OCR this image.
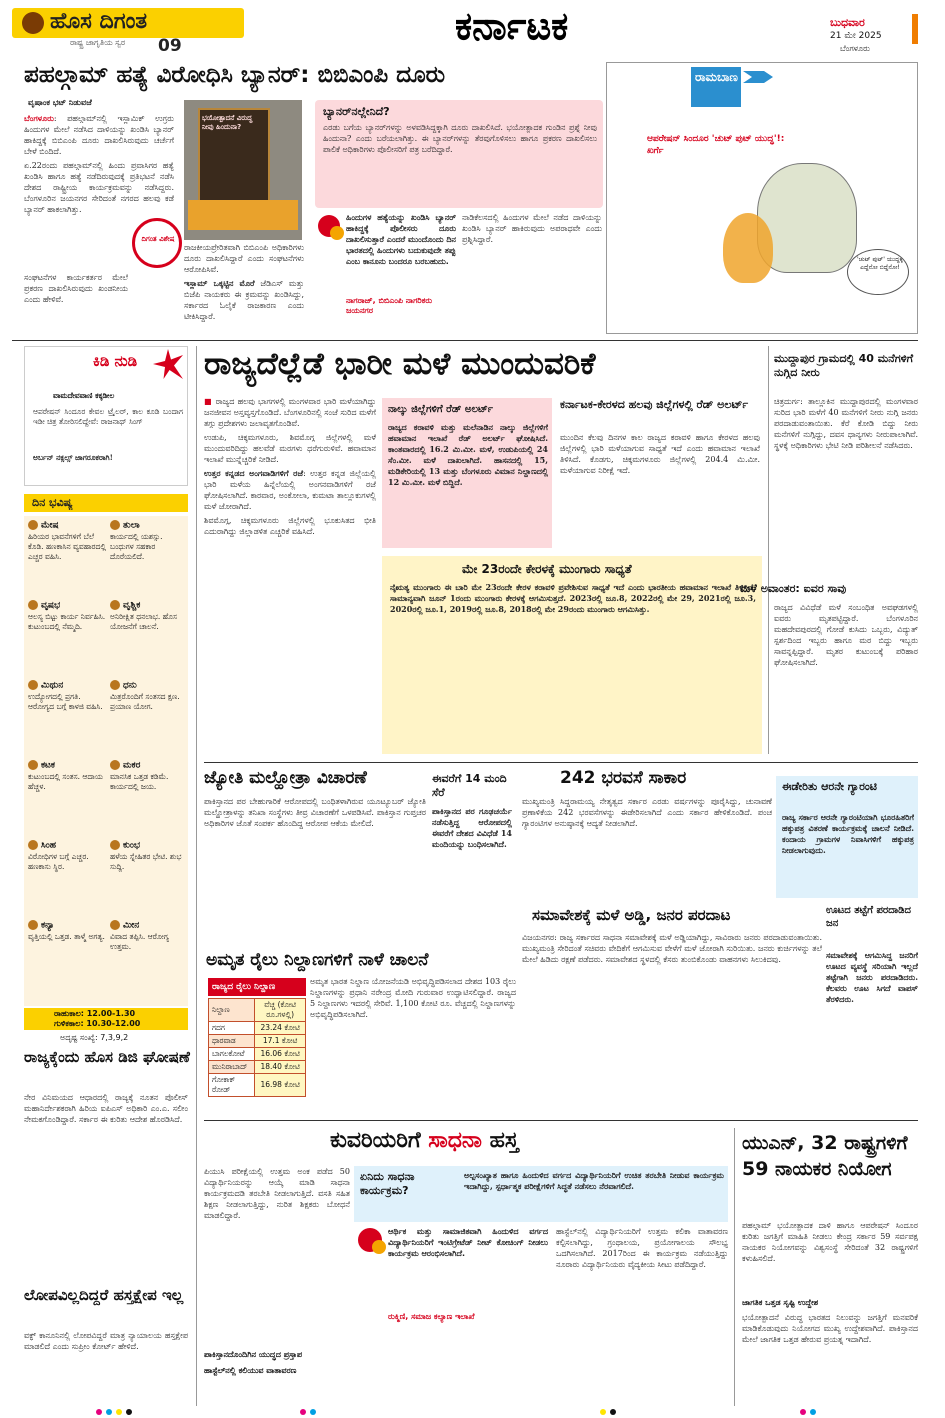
ಹೊಸ ದಿಗಂತ
ರಾಷ್ಟ್ರ ಜಾಗೃತಿಯ ಸ್ವರ	09	ಕರ್ನಾಟಕ	ಬುಧವಾರ
21 ಮೇ 2025
ಬೆಂಗಳೂರು
ಪಹಲ್ಗಾಮ್ ಹತ್ಯೆ ವಿರೋಧಿಸಿ ಬ್ಯಾನರ್: ಬಿಬಿಎಂಪಿ ದೂರು
ವೃಷಾಂಕ ಭಟ್ ನಿಡುವಜೆ

ಬೆಂಗಳೂರು: ಪಹಲ್ಗಾಮ್‌ನಲ್ಲಿ ಇಸ್ಲಾಮಿಕ್ ಉಗ್ರರು ಹಿಂದುಗಳ ಮೇಲೆ ನಡೆಸಿದ ದಾಳಿಯನ್ನು ಖಂಡಿಸಿ ಬ್ಯಾನರ್ ಹಾಕಿದ್ದಕ್ಕೆ ಬಿಬಿಎಂಪಿ ದೂರು ದಾಖಲಿಸಿರುವುದು ಚರ್ಚೆಗೆ ಬೇಳೆ ಬಿಂದಿದೆ.

ಏ.22ರಂದು ಪಹಲ್ಗಾಮ್‌ನಲ್ಲಿ ಹಿಂದು ಪ್ರವಾಸಿಗರ ಹತ್ಯೆ ಖಂಡಿಸಿ ಹಾಗೂ ಹತ್ಯೆ ನಡೆದಿರುವುದಕ್ಕೆ ಪ್ರತಿಭಟನೆ ನಡೆಸಿ ದೇಶದ ರಾಷ್ಟ್ರೀಯ ಕಾರ್ಯಕ್ರಮವನ್ನು ನಡೆಸಿದ್ದರು. ಬೆಂಗಳೂರಿನ ಜಯನಗರ ಸೇರಿದಂತೆ ನಗರದ ಹಲವು ಕಡೆ ಬ್ಯಾನರ್ ಹಾಕಲಾಗಿತ್ತು.

ಭಯೋತ್ಪಾದನೆ ವಿರುದ್ಧ ನೀವು ಹಿಂದುನಾ?
ದಿಗಂತ ವಿಶೇಷ

ರಾಜಕೀಯಪ್ರೇರಿತವಾಗಿ ಬಿಬಿಎಂಪಿ ಅಧಿಕಾರಿಗಳು ದೂರು ದಾಖಲಿಸಿದ್ದಾರೆ ಎಂದು ಸಂಘಟನೆಗಳು ಆರೋಪಿಸಿವೆ.

ಇಸ್ಲಾಮ್ ಒಕ್ಕಟ್ಟಿನ ಮೊರೆ ಜೆಡಿಎಸ್ ಮತ್ತು ಬಿಜೆಪಿ ನಾಯಕರು ಈ ಕ್ರಮವನ್ನು ಖಂಡಿಸಿದ್ದು, ಸರ್ಕಾರದ ಓಲೈಕೆ ರಾಜಕಾರಣ ಎಂದು ಟೀಕಿಸಿದ್ದಾರೆ.

ಸಂಘಟನೆಗಳ ಕಾರ್ಯಕರ್ತರ ಮೇಲೆ ಪ್ರಕರಣ ದಾಖಲಿಸಿರುವುದು ಖಂಡನೀಯ ಎಂದು ಹೇಳಿವೆ.

ಬ್ಯಾನರ್‌ನಲ್ಲೇನಿದೆ?
ಎರಡು ಬಗೆಯ ಬ್ಯಾನರ್‌ಗಳನ್ನು ಅಳವಡಿಸಿದ್ದಕ್ಕಾಗಿ ದೂರು ದಾಖಲಿಸಿದೆ. ಭಯೋತ್ಪಾದಕ ಗುಂಡಿನ ಪ್ರಶ್ನೆ ನೀವು ಹಿಂದುನಾ? ಎಂದು ಬರೆಯಲಾಗಿತ್ತು. ಈ ಬ್ಯಾನರ್‌ಗಳನ್ನು ತೆರವುಗೊಳಿಸಲು ಹಾಗೂ ಪ್ರಕರಣ ದಾಖಲಿಸಲು ಪಾಲಿಕೆ ಅಧಿಕಾರಿಗಳು ಪೊಲೀಸರಿಗೆ ಪತ್ರ ಬರೆದಿದ್ದಾರೆ.
ಹಿಂದುಗಳ ಹತ್ಯೆಯನ್ನು ಖಂಡಿಸಿ ಬ್ಯಾನರ್ ಹಾಕಿದ್ದಕ್ಕೆ ಪೊಲೀಸರು ದೂರು ದಾಖಲಿಸುತ್ತಾರೆ ಎಂದರೆ ಮುಂದೊಂದು ದಿನ ಭಾರತದಲ್ಲಿ ಹಿಂದುಗಳು ಬದುಕುವುದೇ ತಪ್ಪು ಎಂಬ ಕಾನೂನು ಬಂದರೂ ಬರಬಹುದು.
ನಾಗರಾಜ್, ಬಿಬಿಎಂಪಿ ನಾಗರಿಕರು ಜಯನಗರ
ನಾಡಿಕೆಲಸದಲ್ಲಿ ಹಿಂದುಗಳ ಮೇಲೆ ನಡೆದ ದಾಳಿಯನ್ನು ಖಂಡಿಸಿ ಬ್ಯಾನರ್ ಹಾಕಿರುವುದು ಅಪರಾಧವೇ ಎಂದು ಪ್ರಶ್ನಿಸಿದ್ದಾರೆ.
ರಾಮಬಾಣ
ಆಪರೇಷನ್ ಸಿಂದೂರ 'ಚುಟ್ ಪುಟ್ ಯುದ್ಧ'!: ಖರ್ಗೆ
'ಚುಟ್ ಪುಟ್' ಯುದ್ಧಕ್ಕೆ ಎದ್ದೆನೋ ಬಿದ್ದೆನೋ!
ಕಿಡಿ ನುಡಿ
ವಾಮದೇವವಾಣಿ ಕಕ್ಕಡೀಲ
ಆಪರೇಷನ್ ಸಿಂದೂರ ಕೇವಲ ಟ್ರೈಲರ್, ಕಾಲ ಕೂಡಿ ಬಂದಾಗ ಇಡೀ ಚಿತ್ರ ತೋರಿಸಲಿದ್ದೇವೆ: ರಾಜನಾಥ್ ಸಿಂಗ್
ಅರ್ಬನ್ ನಕ್ಸಲ್ಸ್ ಜಾಗರೂಕರಾಗಿ!
ದಿನ ಭವಿಷ್ಯ
ಮೇಷ
ಹಿರಿಯರ ಭಾವನೆಗಳಿಗೆ ಬೆಲೆ ಕೊಡಿ. ಹಣಕಾಸಿನ ವ್ಯವಹಾರದಲ್ಲಿ ಎಚ್ಚರ ವಹಿಸಿ.
ವೃಷಭ
ಆಲಸ್ಯ ಬಿಟ್ಟು ಕಾರ್ಯ ನಿರ್ವಹಿಸಿ. ಕುಟುಂಬದಲ್ಲಿ ನೆಮ್ಮದಿ.
ಮಿಥುನ
ಉದ್ಯೋಗದಲ್ಲಿ ಪ್ರಗತಿ. ಆರೋಗ್ಯದ ಬಗ್ಗೆ ಕಾಳಜಿ ವಹಿಸಿ.
ಕಟಕ
ಕುಟುಂಬದಲ್ಲಿ ಸಂತಸ. ಆದಾಯ ಹೆಚ್ಚಳ.
ಸಿಂಹ
ವಿರೋಧಿಗಳ ಬಗ್ಗೆ ಎಚ್ಚರ. ಹಣಕಾಸು ಸ್ಥಿರ.
ಕನ್ಯಾ
ವೃತ್ತಿಯಲ್ಲಿ ಒತ್ತಡ. ತಾಳ್ಮೆ ಅಗತ್ಯ.
ತುಲಾ
ಕಾರ್ಯದಲ್ಲಿ ಯಶಸ್ಸು. ಬಂಧುಗಳ ಸಹಕಾರ ದೊರೆಯಲಿದೆ.
ವೃಶ್ಚಿಕ
ಅನಿರೀಕ್ಷಿತ ಧನಲಾಭ. ಹೊಸ ಯೋಜನೆಗೆ ಚಾಲನೆ.
ಧನು
ಮಿತ್ರರೊಂದಿಗೆ ಸಂತಸದ ಕ್ಷಣ. ಪ್ರಯಾಣ ಯೋಗ.
ಮಕರ
ಮಾನಸಿಕ ಒತ್ತಡ ಕಡಿಮೆ. ಕಾರ್ಯದಲ್ಲಿ ಜಯ.
ಕುಂಭ
ಹಳೆಯ ಸ್ನೇಹಿತರ ಭೇಟಿ. ಶುಭ ಸುದ್ದಿ.
ಮೀನ
ವಿವಾದ ತಪ್ಪಿಸಿ. ಆರೋಗ್ಯ ಉತ್ತಮ.
ರಾಹುಕಾಲ: 12.00-1.30
ಗುಳಿಕಕಾಲ: 10.30-12.00
ಅದೃಷ್ಟ ಸಂಖ್ಯೆ: 7,3,9,2
ರಾಜ್ಯಕ್ಕೆಂದು ಹೊಸ ಡಿಜಿ ಘೋಷಣೆ
ನೇರ ವಿನಿಮಯದ ಆಧಾರದಲ್ಲಿ ರಾಜ್ಯಕ್ಕೆ ನೂತನ ಪೊಲೀಸ್ ಮಹಾನಿರ್ದೇಶಕರಾಗಿ ಹಿರಿಯ ಐಪಿಎಸ್ ಅಧಿಕಾರಿ ಎಂ.ಎ. ಸಲೀಂ ನೇಮಕಗೊಂಡಿದ್ದಾರೆ. ಸರ್ಕಾರ ಈ ಕುರಿತು ಆದೇಶ ಹೊರಡಿಸಿದೆ.
ಲೋಪವಿಲ್ಲದಿದ್ದರೆ ಹಸ್ತಕ್ಷೇಪ ಇಲ್ಲ
ವಕ್ಫ್ ಕಾನೂನಿನಲ್ಲಿ ಲೋಪವಿದ್ದರೆ ಮಾತ್ರ ನ್ಯಾಯಾಲಯ ಹಸ್ತಕ್ಷೇಪ ಮಾಡಲಿದೆ ಎಂದು ಸುಪ್ರೀಂ ಕೋರ್ಟ್ ಹೇಳಿದೆ.
ರಾಜ್ಯದೆಲ್ಲೆಡೆ ಭಾರೀ ಮಳೆ ಮುಂದುವರಿಕೆ

■ ರಾಜ್ಯದ ಹಲವು ಭಾಗಗಳಲ್ಲಿ ಮಂಗಳವಾರ ಭಾರಿ ಮಳೆಯಾಗಿದ್ದು ಜನಜೀವನ ಅಸ್ತವ್ಯಸ್ತಗೊಂಡಿದೆ. ಬೆಂಗಳೂರಿನಲ್ಲಿ ಸಂಜೆ ಸುರಿದ ಮಳೆಗೆ ತಗ್ಗು ಪ್ರದೇಶಗಳು ಜಲಾವೃತಗೊಂಡಿವೆ.

ಉಡುಪಿ, ಚಿಕ್ಕಮಗಳೂರು, ಶಿವಮೊಗ್ಗ ಜಿಲ್ಲೆಗಳಲ್ಲಿ ಮಳೆ ಮುಂದುವರಿದಿದ್ದು ಹಲವೆಡೆ ಮರಗಳು ಧರೆಗುರುಳಿವೆ. ಹವಾಮಾನ ಇಲಾಖೆ ಮುನ್ನೆಚ್ಚರಿಕೆ ನೀಡಿದೆ.

ಉತ್ತರ ಕನ್ನಡದ ಅಂಗವಾಡಿಗಳಿಗೆ ರಜೆ: ಉತ್ತರ ಕನ್ನಡ ಜಿಲ್ಲೆಯಲ್ಲಿ ಭಾರಿ ಮಳೆಯ ಹಿನ್ನೆಲೆಯಲ್ಲಿ ಅಂಗನವಾಡಿಗಳಿಗೆ ರಜೆ ಘೋಷಿಸಲಾಗಿದೆ. ಕಾರವಾರ, ಅಂಕೋಲಾ, ಕುಮಟಾ ತಾಲ್ಲೂಕುಗಳಲ್ಲಿ ಮಳೆ ಜೋರಾಗಿದೆ.

ಶಿವಮೊಗ್ಗ, ಚಿಕ್ಕಮಗಳೂರು ಜಿಲ್ಲೆಗಳಲ್ಲಿ ಭೂಕುಸಿತದ ಭೀತಿ ಎದುರಾಗಿದ್ದು ಜಿಲ್ಲಾಡಳಿತ ಎಚ್ಚರಿಕೆ ವಹಿಸಿದೆ.

ನಾಲ್ಕು ಜಿಲ್ಲೆಗಳಿಗೆ ರೆಡ್ ಅಲರ್ಟ್
ರಾಜ್ಯದ ಕರಾವಳಿ ಮತ್ತು ಮಲೆನಾಡಿನ ನಾಲ್ಕು ಜಿಲ್ಲೆಗಳಿಗೆ ಹವಾಮಾನ ಇಲಾಖೆ ರೆಡ್ ಅಲರ್ಟ್ ಘೋಷಿಸಿದೆ. ಕಾಂತವಾರದಲ್ಲಿ 16.2 ಮಿ.ಮೀ. ಮಳೆ, ಉಡುಪಿಯಲ್ಲಿ 24 ಸೆಂ.ಮೀ. ಮಳೆ ದಾಖಲಾಗಿದೆ. ಹಾಸನದಲ್ಲಿ 15, ಮಡಿಕೇರಿಯಲ್ಲಿ 13 ಮತ್ತು ಬೆಂಗಳೂರು ವಿಮಾನ ನಿಲ್ದಾಣದಲ್ಲಿ 12 ಮಿ.ಮೀ. ಮಳೆ ಬಿದ್ದಿದೆ.
ಕರ್ನಾಟಕ-ಕೇರಳದ ಹಲವು ಜಿಲ್ಲೆಗಳಲ್ಲಿ ರೆಡ್ ಅಲರ್ಟ್
ಮುಂದಿನ ಕೆಲವು ದಿನಗಳ ಕಾಲ ರಾಜ್ಯದ ಕರಾವಳಿ ಹಾಗೂ ಕೇರಳದ ಹಲವು ಜಿಲ್ಲೆಗಳಲ್ಲಿ ಭಾರಿ ಮಳೆಯಾಗುವ ಸಾಧ್ಯತೆ ಇದೆ ಎಂದು ಹವಾಮಾನ ಇಲಾಖೆ ತಿಳಿಸಿದೆ. ಕೊಡಗು, ಚಿಕ್ಕಮಗಳೂರು ಜಿಲ್ಲೆಗಳಲ್ಲಿ 204.4 ಮಿ.ಮೀ. ಮಳೆಯಾಗುವ ನಿರೀಕ್ಷೆ ಇದೆ.
ಮೇ 23ರಂದೇ ಕೇರಳಕ್ಕೆ ಮುಂಗಾರು ಸಾಧ್ಯತೆ
ನೈಋತ್ಯ ಮುಂಗಾರು ಈ ಬಾರಿ ಮೇ 23ರಂದೇ ಕೇರಳ ಕರಾವಳಿ ಪ್ರವೇಶಿಸುವ ಸಾಧ್ಯತೆ ಇದೆ ಎಂದು ಭಾರತೀಯ ಹವಾಮಾನ ಇಲಾಖೆ ತಿಳಿಸಿದೆ. ಸಾಮಾನ್ಯವಾಗಿ ಜೂನ್ 1ರಂದು ಮುಂಗಾರು ಕೇರಳಕ್ಕೆ ಆಗಮಿಸುತ್ತದೆ. 2023ರಲ್ಲಿ ಜೂ.8, 2022ರಲ್ಲಿ ಮೇ 29, 2021ರಲ್ಲಿ ಜೂ.3, 2020ರಲ್ಲಿ ಜೂ.1, 2019ರಲ್ಲಿ ಜೂ.8, 2018ರಲ್ಲಿ ಮೇ 29ರಂದು ಮುಂಗಾರು ಆಗಮಿಸಿತ್ತು.
ಮುದ್ದಾಪುರ ಗ್ರಾಮದಲ್ಲಿ 40 ಮನೆಗಳಿಗೆ ನುಗ್ಗಿದ ನೀರು
ಚಿತ್ರದುರ್ಗ: ತಾಲ್ಲೂಕಿನ ಮುದ್ದಾಪುರದಲ್ಲಿ ಮಂಗಳವಾರ ಸುರಿದ ಭಾರಿ ಮಳೆಗೆ 40 ಮನೆಗಳಿಗೆ ನೀರು ನುಗ್ಗಿ ಜನರು ಪರದಾಡುವಂತಾಯಿತು. ಕೆರೆ ಕೋಡಿ ಬಿದ್ದು ನೀರು ಮನೆಗಳಿಗೆ ನುಗ್ಗಿದ್ದು, ದವಸ ಧಾನ್ಯಗಳು ನೀರುಪಾಲಾಗಿವೆ. ಸ್ಥಳಕ್ಕೆ ಅಧಿಕಾರಿಗಳು ಭೇಟಿ ನೀಡಿ ಪರಿಶೀಲನೆ ನಡೆಸಿದರು.
ಮಳೆ ಅವಾಂತರ: ಐವರ ಸಾವು
ರಾಜ್ಯದ ವಿವಿಧೆಡೆ ಮಳೆ ಸಂಬಂಧಿತ ಅವಘಡಗಳಲ್ಲಿ ಐವರು ಮೃತಪಟ್ಟಿದ್ದಾರೆ. ಬೆಂಗಳೂರಿನ ಮಹದೇವಪುರದಲ್ಲಿ ಗೋಡೆ ಕುಸಿದು ಒಬ್ಬರು, ವಿದ್ಯುತ್ ಸ್ಪರ್ಶದಿಂದ ಇಬ್ಬರು ಹಾಗೂ ಮರ ಬಿದ್ದು ಇಬ್ಬರು ಸಾವನ್ನಪ್ಪಿದ್ದಾರೆ. ಮೃತರ ಕುಟುಂಬಕ್ಕೆ ಪರಿಹಾರ ಘೋಷಿಸಲಾಗಿದೆ.
ಜ್ಯೋತಿ ಮಲ್ಹೋತ್ರಾ ವಿಚಾರಣೆ
ಪಾಕಿಸ್ತಾನದ ಪರ ಬೇಹುಗಾರಿಕೆ ಆರೋಪದಲ್ಲಿ ಬಂಧಿತಳಾಗಿರುವ ಯೂಟ್ಯೂಬರ್ ಜ್ಯೋತಿ ಮಲ್ಹೋತ್ರಾಳನ್ನು ತನಿಖಾ ಸಂಸ್ಥೆಗಳು ತೀವ್ರ ವಿಚಾರಣೆಗೆ ಒಳಪಡಿಸಿವೆ. ಪಾಕಿಸ್ತಾನ ಗುಪ್ತಚರ ಅಧಿಕಾರಿಗಳ ಜೊತೆ ಸಂಪರ್ಕ ಹೊಂದಿದ್ದ ಆರೋಪ ಆಕೆಯ ಮೇಲಿದೆ.
ಈವರೆಗೆ 14 ಮಂದಿ ಸೆರೆ
ಪಾಕಿಸ್ತಾನದ ಪರ ಗೂಢಚರ್ಯೆ ನಡೆಸುತ್ತಿದ್ದ ಆರೋಪದಲ್ಲಿ ಈವರೆಗೆ ದೇಶದ ವಿವಿಧೆಡೆ 14 ಮಂದಿಯನ್ನು ಬಂಧಿಸಲಾಗಿದೆ.
242 ಭರವಸೆ ಸಾಕಾರ
ಮುಖ್ಯಮಂತ್ರಿ ಸಿದ್ದರಾಮಯ್ಯ ನೇತೃತ್ವದ ಸರ್ಕಾರ ಎರಡು ವರ್ಷಗಳನ್ನು ಪೂರೈಸಿದ್ದು, ಚುನಾವಣೆ ಪ್ರಣಾಳಿಕೆಯ 242 ಭರವಸೆಗಳನ್ನು ಈಡೇರಿಸಲಾಗಿದೆ ಎಂದು ಸರ್ಕಾರ ಹೇಳಿಕೊಂಡಿದೆ. ಪಂಚ ಗ್ಯಾರಂಟಿಗಳ ಅನುಷ್ಠಾನಕ್ಕೆ ಆದ್ಯತೆ ನೀಡಲಾಗಿದೆ.
ಈಡೇರಿತು ಆರನೇ ಗ್ಯಾರಂಟಿ
ರಾಜ್ಯ ಸರ್ಕಾರ ಆರನೇ ಗ್ಯಾರಂಟಿಯಾಗಿ ಭೂರಹಿತರಿಗೆ ಹಕ್ಕುಪತ್ರ ವಿತರಣೆ ಕಾರ್ಯಕ್ರಮಕ್ಕೆ ಚಾಲನೆ ನೀಡಿದೆ. ಕಂದಾಯ ಗ್ರಾಮಗಳ ನಿವಾಸಿಗಳಿಗೆ ಹಕ್ಕುಪತ್ರ ನೀಡಲಾಗುವುದು.
ಸಮಾವೇಶಕ್ಕೆ ಮಳೆ ಅಡ್ಡಿ, ಜನರ ಪರದಾಟ
ವಿಜಯನಗರ: ರಾಜ್ಯ ಸರ್ಕಾರದ ಸಾಧನಾ ಸಮಾವೇಶಕ್ಕೆ ಮಳೆ ಅಡ್ಡಿಯಾಗಿದ್ದು, ಸಾವಿರಾರು ಜನರು ಪರದಾಡುವಂತಾಯಿತು. ಮುಖ್ಯಮಂತ್ರಿ ಸೇರಿದಂತೆ ಸಚಿವರು ವೇದಿಕೆಗೆ ಆಗಮಿಸುವ ವೇಳೆಗೆ ಮಳೆ ಜೋರಾಗಿ ಸುರಿಯಿತು. ಜನರು ಕುರ್ಚಿಗಳನ್ನು ತಲೆ ಮೇಲೆ ಹಿಡಿದು ರಕ್ಷಣೆ ಪಡೆದರು. ಸಮಾವೇಶದ ಸ್ಥಳದಲ್ಲಿ ಕೆಸರು ತುಂಬಿಕೊಂಡು ವಾಹನಗಳು ಸಿಲುಕಿದವು.
ಊಟದ ತಟ್ಟೆಗೆ ಪರದಾಡಿದ ಜನ
ಸಮಾವೇಶಕ್ಕೆ ಆಗಮಿಸಿದ್ದ ಜನರಿಗೆ ಊಟದ ವ್ಯವಸ್ಥೆ ಸರಿಯಾಗಿ ಇಲ್ಲದೆ ತಟ್ಟೆಗಾಗಿ ಜನರು ಪರದಾಡಿದರು. ಕೆಲವರು ಊಟ ಸಿಗದೆ ವಾಪಸ್ ತೆರಳಿದರು.
ಅಮೃತ ರೈಲು ನಿಲ್ದಾಣಗಳಿಗೆ ನಾಳೆ ಚಾಲನೆ
ಅಮೃತ ಭಾರತ ನಿಲ್ದಾಣ ಯೋಜನೆಯಡಿ ಅಭಿವೃದ್ಧಿಪಡಿಸಲಾದ ದೇಶದ 103 ರೈಲು ನಿಲ್ದಾಣಗಳನ್ನು ಪ್ರಧಾನಿ ನರೇಂದ್ರ ಮೋದಿ ಗುರುವಾರ ಉದ್ಘಾಟಿಸಲಿದ್ದಾರೆ. ರಾಜ್ಯದ 5 ನಿಲ್ದಾಣಗಳು ಇದರಲ್ಲಿ ಸೇರಿವೆ. 1,100 ಕೋಟಿ ರೂ. ವೆಚ್ಚದಲ್ಲಿ ನಿಲ್ದಾಣಗಳನ್ನು ಅಭಿವೃದ್ಧಿಪಡಿಸಲಾಗಿದೆ.
ರಾಜ್ಯದ ರೈಲು ನಿಲ್ದಾಣ
ನಿಲ್ದಾಣ	ವೆಚ್ಚ (ಕೋಟಿ ರೂ.ಗಳಲ್ಲಿ)
ಗದಗ	23.24 ಕೋಟಿ
ಧಾರವಾಡ	17.1 ಕೋಟಿ
ಬಾಗಲಕೋಟೆ	16.06 ಕೋಟಿ
ಮುನಿರಾಬಾದ್	18.40 ಕೋಟಿ
ಗೋಕಾಕ್ ರೋಡ್	16.98 ಕೋಟಿ
ಕುವರಿಯರಿಗೆ ಸಾಧನಾ ಹಸ್ತ
ಪಿಯುಸಿ ಪರೀಕ್ಷೆಯಲ್ಲಿ ಉತ್ತಮ ಅಂಕ ಪಡೆದ 50 ವಿದ್ಯಾರ್ಥಿನಿಯರನ್ನು ಆಯ್ಕೆ ಮಾಡಿ ಸಾಧನಾ ಕಾರ್ಯಕ್ರಮದಡಿ ತರಬೇತಿ ನೀಡಲಾಗುತ್ತಿದೆ. ವಸತಿ ಸಹಿತ ಶಿಕ್ಷಣ ನೀಡಲಾಗುತ್ತಿದ್ದು, ನುರಿತ ಶಿಕ್ಷಕರು ಬೋಧನೆ ಮಾಡಲಿದ್ದಾರೆ.
ಏನಿದು ಸಾಧನಾ ಕಾರ್ಯಕ್ರಮ?
ಅಲ್ಪಸಂಖ್ಯಾತ ಹಾಗೂ ಹಿಂದುಳಿದ ವರ್ಗದ ವಿದ್ಯಾರ್ಥಿನಿಯರಿಗೆ ಉಚಿತ ತರಬೇತಿ ನೀಡುವ ಕಾರ್ಯಕ್ರಮ ಇದಾಗಿದ್ದು, ಸ್ಪರ್ಧಾತ್ಮಕ ಪರೀಕ್ಷೆಗಳಿಗೆ ಸಿದ್ಧತೆ ನಡೆಸಲು ನೆರವಾಗಲಿದೆ.
ಆರ್ಥಿಕ ಮತ್ತು ಸಾಮಾಜಿಕವಾಗಿ ಹಿಂದುಳಿದ ವರ್ಗದ ವಿದ್ಯಾರ್ಥಿನಿಯರಿಗೆ ಇಂಟಿಗ್ರೇಟೆಡ್ ನೀಟ್ ಕೋಚಿಂಗ್ ನೀಡಲು ಕಾರ್ಯಕ್ರಮ ಆರಂಭಿಸಲಾಗಿದೆ.
ರುಕ್ಮಿಣಿ, ಸಮಾಜ ಕಲ್ಯಾಣ ಇಲಾಖೆ
ಪಾಕಿಸ್ತಾನದೊಂದಿಗಿನ ಯುದ್ಧದ ಪ್ರಸ್ತಾಪ
ಹಾಸ್ಟೆಲ್‌ನಲ್ಲಿ ಕಲಿಯುವ ವಾತಾವರಣ
ಹಾಸ್ಟೆಲ್‌ನಲ್ಲಿ ವಿದ್ಯಾರ್ಥಿನಿಯರಿಗೆ ಉತ್ತಮ ಕಲಿಕಾ ವಾತಾವರಣ ಕಲ್ಪಿಸಲಾಗಿದ್ದು, ಗ್ರಂಥಾಲಯ, ಪ್ರಯೋಗಾಲಯ ಸೌಲಭ್ಯ ಒದಗಿಸಲಾಗಿದೆ. 2017ರಿಂದ ಈ ಕಾರ್ಯಕ್ರಮ ನಡೆಯುತ್ತಿದ್ದು ನೂರಾರು ವಿದ್ಯಾರ್ಥಿನಿಯರು ವೈದ್ಯಕೀಯ ಸೀಟು ಪಡೆದಿದ್ದಾರೆ.
ಯುಎನ್, 32 ರಾಷ್ಟ್ರಗಳಿಗೆ 59 ನಾಯಕರ ನಿಯೋಗ
ಪಹಲ್ಗಾಮ್ ಭಯೋತ್ಪಾದಕ ದಾಳಿ ಹಾಗೂ ಆಪರೇಷನ್ ಸಿಂದೂರ ಕುರಿತು ಜಗತ್ತಿಗೆ ಮಾಹಿತಿ ನೀಡಲು ಕೇಂದ್ರ ಸರ್ಕಾರ 59 ಸರ್ವಪಕ್ಷ ನಾಯಕರ ನಿಯೋಗವನ್ನು ವಿಶ್ವಸಂಸ್ಥೆ ಸೇರಿದಂತೆ 32 ರಾಷ್ಟ್ರಗಳಿಗೆ ಕಳುಹಿಸಲಿದೆ.
ಜಾಗತಿಕ ಒತ್ತಡ ಸೃಷ್ಟಿ ಉದ್ದೇಶ
ಭಯೋತ್ಪಾದನೆ ವಿರುದ್ಧ ಭಾರತದ ನಿಲುವನ್ನು ಜಗತ್ತಿಗೆ ಮನವರಿಕೆ ಮಾಡಿಕೊಡುವುದು ನಿಯೋಗದ ಮುಖ್ಯ ಉದ್ದೇಶವಾಗಿದೆ. ಪಾಕಿಸ್ತಾನದ ಮೇಲೆ ಜಾಗತಿಕ ಒತ್ತಡ ಹೇರುವ ಪ್ರಯತ್ನ ಇದಾಗಿದೆ.
